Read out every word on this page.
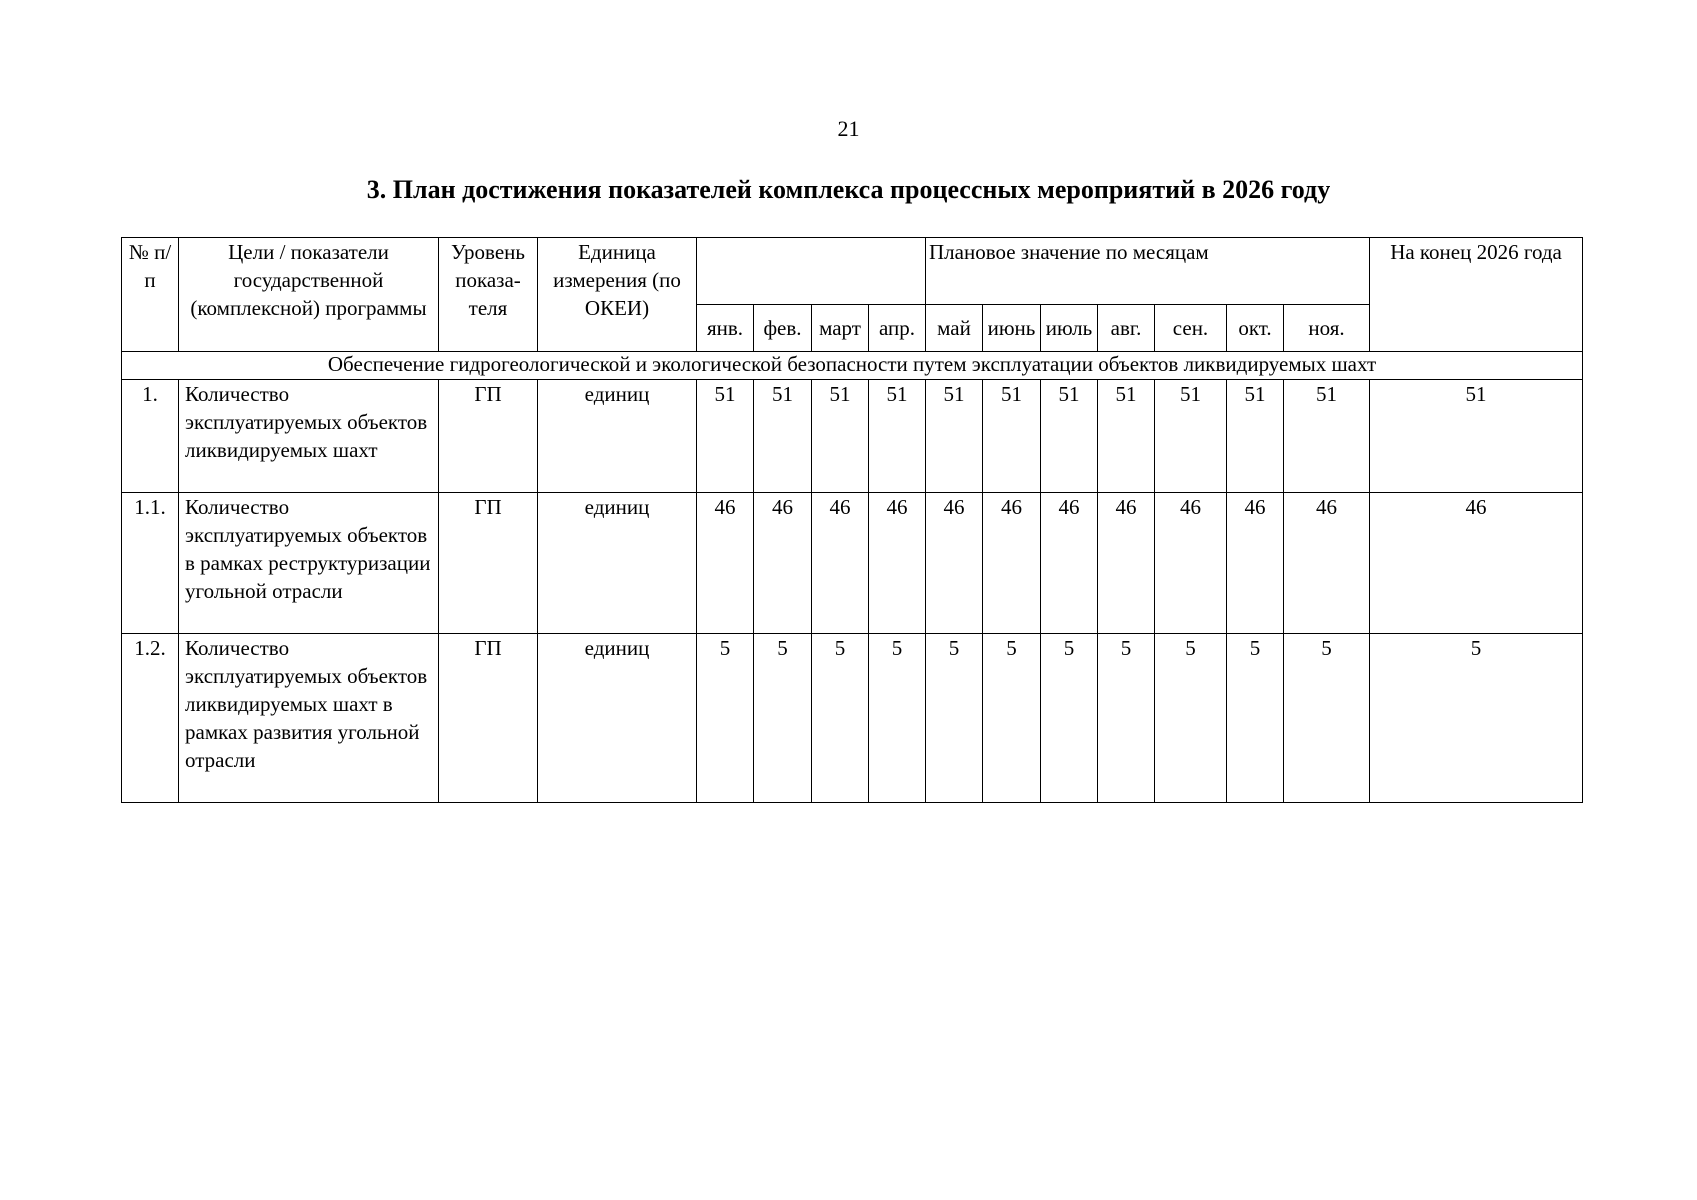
21
3. План достижения показателей комплекса процессных мероприятий в 2026 году
№ п/п	Цели / показатели государственной (комплексной) программы	Уровень показа-теля	Единица измерения (по ОКЕИ)					Плановое значение по месяцам							На конец 2026 года
				янв.	фев.	март	апр.	май	июнь	июль	авг.	сен.	окт.	ноя.	
Обеспечение гидрогеологической и экологической безопасности путем эксплуатации объектов ликвидируемых шахт															
1.	Количество эксплуатируемых объектов ликвидируемых шахт	ГП	единиц	51	51	51	51	51	51	51	51	51	51	51	51
1.1.	Количество эксплуатируемых объектов в рамках реструктуризации угольной отрасли	ГП	единиц	46	46	46	46	46	46	46	46	46	46	46	46
1.2.	Количество эксплуатируемых объектов ликвидируемых шахт в рамках развития угольной отрасли	ГП	единиц	5	5	5	5	5	5	5	5	5	5	5	5
